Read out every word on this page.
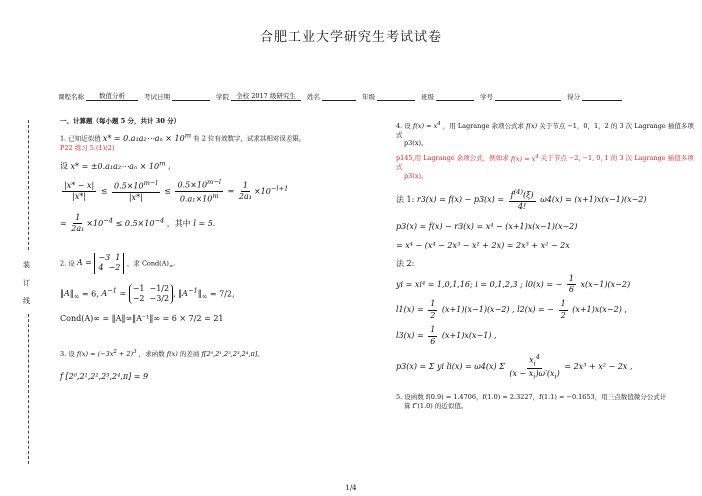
合肥工业大学研究生考试试卷
课程名称	数值分析	考试日期	学院	全校 2017 级研究生	姓名	年级	班级	学号	得分
装
订
线
一、计算题（每小题 5 分，共计 30 分）
1. 已知近似值 x* = 0.a₁a₂⋯aₙ × $10^m$ 有 2 位有效数字，试求其相对误差限。
P22 练习 5.(1)(2)
设 x* = ±0.a₁a₂⋯aₙ × $10^m$ ,
$\frac{|x* - x|}{|x*|} \le \frac{0.5\times 10^{m-l}}{|x*|} \le \frac{0.5\times 10^{m-l}}{0.a_1\times 10^m} = \frac{1}{\text{2a₁}} \times 10^{-l+1}$
= $\frac{1}{\text{2a₁}} \times 10^{-4} \le 0.5\times 10^{-4}$ ，其中 l = 5.
2. 设 A =
−3 1
4 −2 ，求 $Cond(A)_\infty$.
$‖A‖_\infty = 6$, $A^{-1}$ =
−1 −1/2
−2 −3/2
, $‖A^{-1}‖_\infty = 7/2$,
Cond(A)∞ = ‖A‖∞‖A⁻¹‖∞ = 6 × 7/2 = 21
3. 设 $f(x) = (-3x^2 + 2)^3$ ，求函数 f(x) 的差商 f[2⁰,2¹,2²,2³,2⁴,π]。
f [2⁰,2¹,2²,2³,2⁴,π] = 9
4. 设 $f(x) = x^4$ ，用 Lagrange 余项公式求 f(x) 关于节点 −1，0，1，2 的 3 次 Lagrange 插值多项式
p3(x)。
p145,用 Lagrange 余项公式，例如求 $f(x) = x^4$ 关于节点 −2, −1, 0, 1 的 3 次 Lagrange 插值多项式
p3(x)。
法 1: $r3(x) = f(x) - p3(x) = \frac{f^{(4)}(\xi)}{4!} \omega 4(x) = (x+1)x(x-1)(x-2)$
p3(x) = f(x) − r3(x) = x⁴ − (x+1)x(x−1)(x−2)
= x⁴ − (x⁴ − 2x³ − x² + 2x) = 2x³ + x² − 2x
法 2:
yi = xi⁴ = 1,0,1,16; i = 0,1,2,3 ; l0(x) = − $\frac{1}{6} x(x-1)(x-2)$
$l1(x) = \frac{1}{2} (x+1)(x-1)(x-2)$ , l2(x) = − $\frac{1}{2} (x+1)x(x-2)$ ,
$l3(x) = \frac{1}{6} (x+1)x(x-1)$ ,
p3(x) = Σ yi li(x) = ω4(x) Σ $\frac{x_i^4}{(x - x_i)\omega'(x_i)} = 2x^3 + x^2 - 2x$ ,
5. 设函数 f(0.9) = 1.4706，f(1.0) = 2.3227，f(1.1) = −0.1653，用三点数值微分公式计
算 f″(1.0) 的近似值。
1/4
